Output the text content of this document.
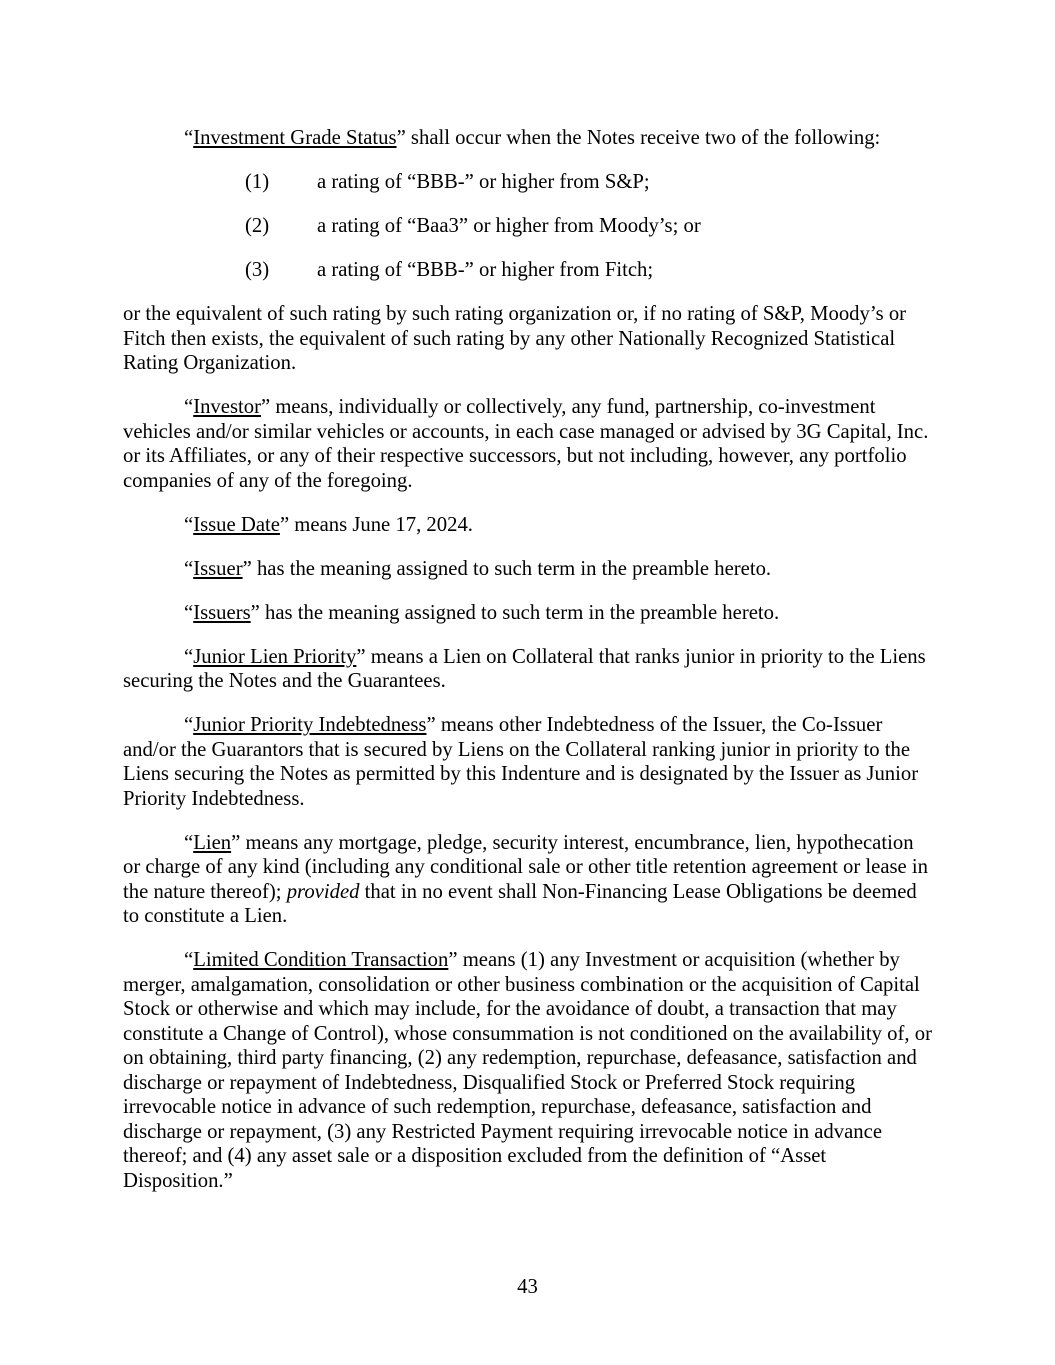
“Investment Grade Status” shall occur when the Notes receive two of the following:

(1)	a rating of “BBB-” or higher from S&P;

(2)	a rating of “Baa3” or higher from Moody’s; or

(3)	a rating of “BBB-” or higher from Fitch;

or the equivalent of such rating by such rating organization or, if no rating of S&P, Moody’s or Fitch then exists, the equivalent of such rating by any other Nationally Recognized Statistical Rating Organization.

“Investor” means, individually or collectively, any fund, partnership, co-investment vehicles and/or similar vehicles or accounts, in each case managed or advised by 3G Capital, Inc. or its Affiliates, or any of their respective successors, but not including, however, any portfolio companies of any of the foregoing.

“Issue Date” means June 17, 2024.

“Issuer” has the meaning assigned to such term in the preamble hereto.

“Issuers” has the meaning assigned to such term in the preamble hereto.

“Junior Lien Priority” means a Lien on Collateral that ranks junior in priority to the Liens securing the Notes and the Guarantees.

“Junior Priority Indebtedness” means other Indebtedness of the Issuer, the Co-Issuer and/or the Guarantors that is secured by Liens on the Collateral ranking junior in priority to the Liens securing the Notes as permitted by this Indenture and is designated by the Issuer as Junior Priority Indebtedness.

“Lien” means any mortgage, pledge, security interest, encumbrance, lien, hypothecation or charge of any kind (including any conditional sale or other title retention agreement or lease in the nature thereof); provided that in no event shall Non-Financing Lease Obligations be deemed to constitute a Lien.

“Limited Condition Transaction” means (1) any Investment or acquisition (whether by merger, amalgamation, consolidation or other business combination or the acquisition of Capital Stock or otherwise and which may include, for the avoidance of doubt, a transaction that may constitute a Change of Control), whose consummation is not conditioned on the availability of, or on obtaining, third party financing, (2) any redemption, repurchase, defeasance, satisfaction and discharge or repayment of Indebtedness, Disqualified Stock or Preferred Stock requiring irrevocable notice in advance of such redemption, repurchase, defeasance, satisfaction and discharge or repayment, (3) any Restricted Payment requiring irrevocable notice in advance thereof; and (4) any asset sale or a disposition excluded from the definition of “Asset Disposition.”

43
